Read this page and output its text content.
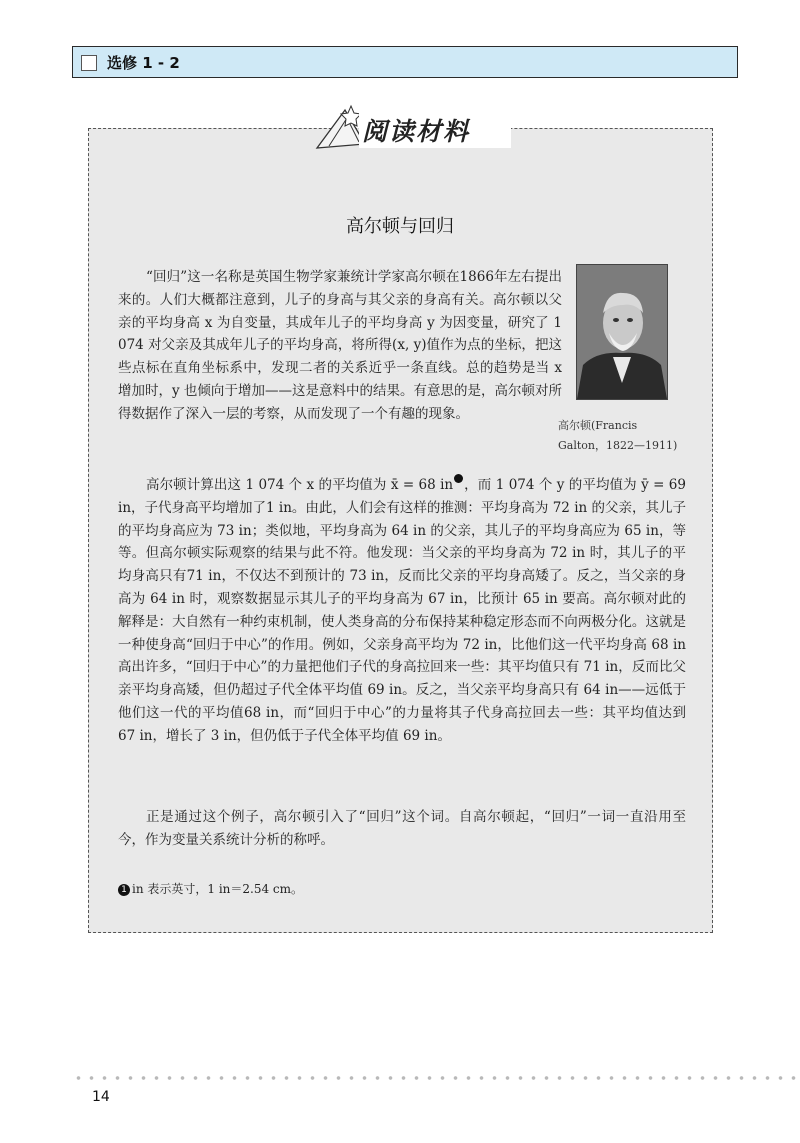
选修 1 - 2
阅读材料
高尔顿与回归
高尔顿(Francis Galton，1822—1911)

“回归”这一名称是英国生物学家兼统计学家高尔顿在1866年左右提出来的。人们大概都注意到，儿子的身高与其父亲的身高有关。高尔顿以父亲的平均身高 x 为自变量，其成年儿子的平均身高 y 为因变量，研究了 1 074 对父亲及其成年儿子的平均身高，将所得(x, y)值作为点的坐标，把这些点标在直角坐标系中，发现二者的关系近乎一条直线。总的趋势是当 x 增加时，y 也倾向于增加——这是意料中的结果。有意思的是，高尔顿对所得数据作了深入一层的考察，从而发现了一个有趣的现象。

高尔顿计算出这 1 074 个 x 的平均值为 x̄ = 68 in ，而 1 074 个 y 的平均值为 ȳ = 69 in，子代身高平均增加了1 in。由此，人们会有这样的推测：平均身高为 72 in 的父亲，其儿子的平均身高应为 73 in；类似地，平均身高为 64 in 的父亲，其儿子的平均身高应为 65 in，等等。但高尔顿实际观察的结果与此不符。他发现：当父亲的平均身高为 72 in 时，其儿子的平均身高只有71 in，不仅达不到预计的 73 in，反而比父亲的平均身高矮了。反之，当父亲的身高为 64 in 时，观察数据显示其儿子的平均身高为 67 in，比预计 65 in 要高。高尔顿对此的解释是：大自然有一种约束机制，使人类身高的分布保持某种稳定形态而不向两极分化。这就是一种使身高“回归于中心”的作用。例如，父亲身高平均为 72 in，比他们这一代平均身高 68 in 高出许多，“回归于中心”的力量把他们子代的身高拉回来一些：其平均值只有 71 in，反而比父亲平均身高矮，但仍超过子代全体平均值 69 in。反之，当父亲平均身高只有 64 in——远低于他们这一代的平均值68 in，而“回归于中心”的力量将其子代身高拉回去一些：其平均值达到 67 in，增长了 3 in，但仍低于子代全体平均值 69 in。

正是通过这个例子，高尔顿引入了“回归”这个词。自高尔顿起，“回归”一词一直沿用至今，作为变量关系统计分析的称呼。

1 in 表示英寸，1 in＝2.54 cm。
14
